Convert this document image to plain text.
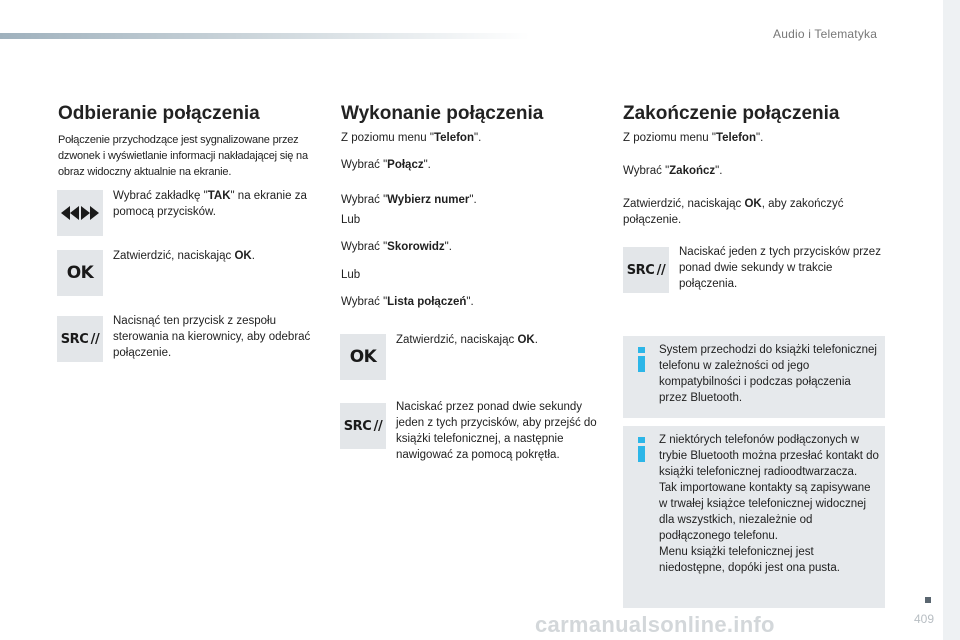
Audio i Telematyka
Odbieranie połączenia
Połączenie przychodzące jest sygnalizowane przez dzwonek i wyświetlanie informacji nakładającej się na obraz widoczny aktualnie na ekranie.
Wybrać zakładkę "TAK" na ekranie za pomocą przycisków.
OK
Zatwierdzić, naciskając OK.
SRC /​/
Nacisnąć ten przycisk z zespołu sterowania na kierownicy, aby odebrać połączenie.
Wykonanie połączenia
Z poziomu menu "Telefon".
Wybrać "Połącz".
Wybrać "Wybierz numer".
Lub
Wybrać "Skorowidz".
Lub
Wybrać "Lista połączeń".
OK
Zatwierdzić, naciskając OK.
SRC /​/
Naciskać przez ponad dwie sekundy jeden z tych przycisków, aby przejść do książki telefonicznej, a następnie nawigować za pomocą pokrętła.
Zakończenie połączenia
Z poziomu menu "Telefon".
Wybrać "Zakończ".
Zatwierdzić, naciskając OK, aby zakończyć połączenie.
SRC /​/
Naciskać jeden z tych przycisków przez ponad dwie sekundy w trakcie połączenia.
System przechodzi do książki telefonicznej telefonu w zależności od jego kompatybilności i podczas połączenia przez Bluetooth.
Z niektórych telefonów podłączonych w trybie Bluetooth można przesłać kontakt do książki telefonicznej radioodtwarzacza.
Tak importowane kontakty są zapisywane w trwałej książce telefonicznej widocznej dla wszystkich, niezależnie od podłączonego telefonu.
Menu książki telefonicznej jest niedostępne, dopóki jest ona pusta.
409
carmanualsonline.info
